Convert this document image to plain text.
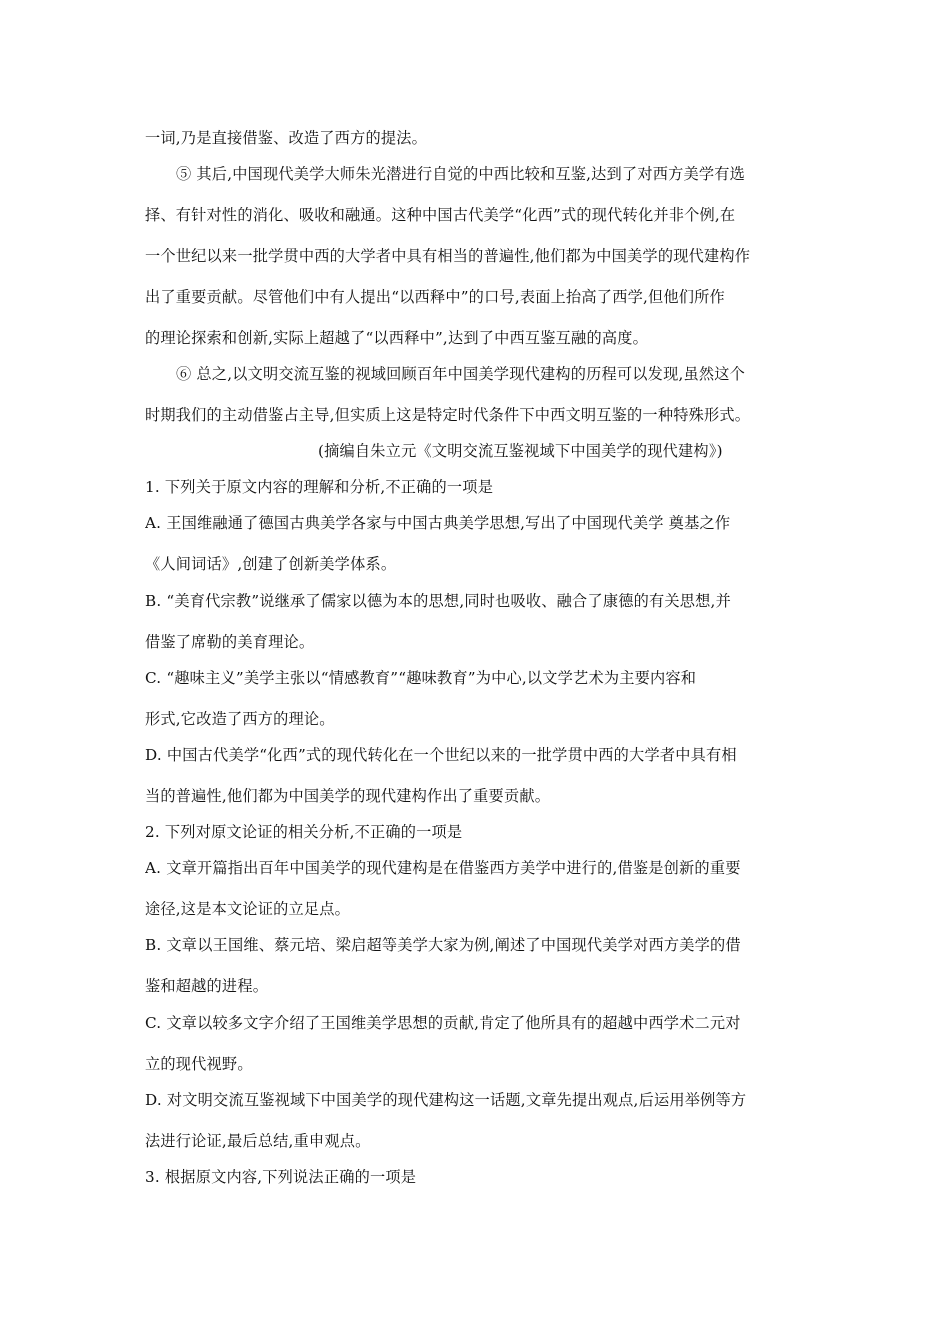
一词,乃是直接借鉴、改造了西方的提法。
⑤ 其后,中国现代美学大师朱光潜进行自觉的中西比较和互鉴,达到了对西方美学有选
择、有针对性的消化、吸收和融通。这种中国古代美学“化西”式的现代转化并非个例,在
一个世纪以来一批学贯中西的大学者中具有相当的普遍性,他们都为中国美学的现代建构作
出了重要贡献。尽管他们中有人提出“以西释中”的口号,表面上抬高了西学,但他们所作
的理论探索和创新,实际上超越了“以西释中”,达到了中西互鉴互融的高度。
⑥ 总之,以文明交流互鉴的视域回顾百年中国美学现代建构的历程可以发现,虽然这个
时期我们的主动借鉴占主导,但实质上这是特定时代条件下中西文明互鉴的一种特殊形式。
(摘编自朱立元《文明交流互鉴视域下中国美学的现代建构》)
1. 下列关于原文内容的理解和分析,不正确的一项是
A. 王国维融通了德国古典美学各家与中国古典美学思想,写出了中国现代美学 奠基之作
《人间词话》,创建了创新美学体系。
B. “美育代宗教”说继承了儒家以德为本的思想,同时也吸收、融合了康德的有关思想,并
借鉴了席勒的美育理论。
C. “趣味主义”美学主张以“情感教育”“趣味教育”为中心,以文学艺术为主要内容和
形式,它改造了西方的理论。
D. 中国古代美学“化西”式的现代转化在一个世纪以来的一批学贯中西的大学者中具有相
当的普遍性,他们都为中国美学的现代建构作出了重要贡献。
2. 下列对原文论证的相关分析,不正确的一项是
A. 文章开篇指出百年中国美学的现代建构是在借鉴西方美学中进行的,借鉴是创新的重要
途径,这是本文论证的立足点。
B. 文章以王国维、蔡元培、梁启超等美学大家为例,阐述了中国现代美学对西方美学的借
鉴和超越的进程。
C. 文章以较多文字介绍了王国维美学思想的贡献,肯定了他所具有的超越中西学术二元对
立的现代视野。
D. 对文明交流互鉴视域下中国美学的现代建构这一话题,文章先提出观点,后运用举例等方
法进行论证,最后总结,重申观点。
3. 根据原文内容,下列说法正确的一项是
